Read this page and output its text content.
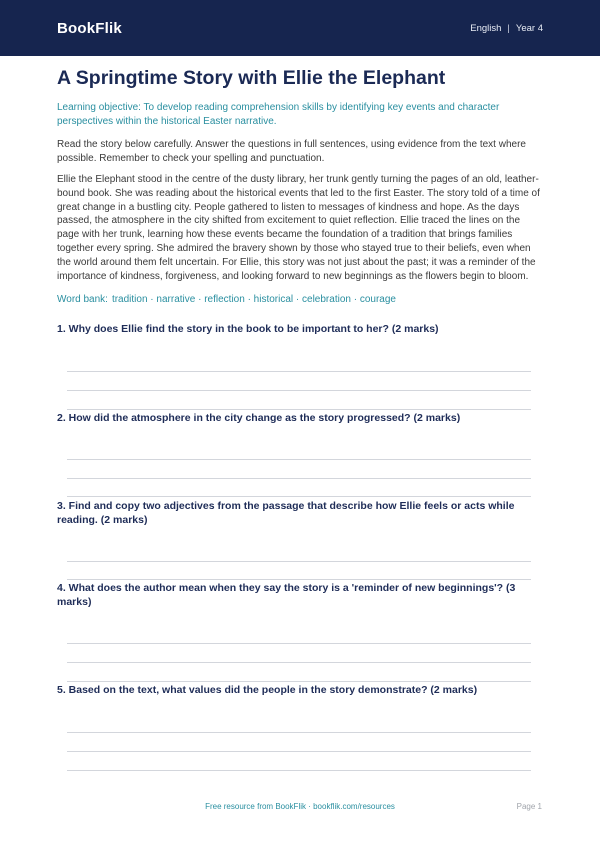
BookFlik	English | Year 4
A Springtime Story with Ellie the Elephant

Learning objective: To develop reading comprehension skills by identifying key events and character perspectives within the historical Easter narrative.

Read the story below carefully. Answer the questions in full sentences, using evidence from the text where possible. Remember to check your spelling and punctuation.

Ellie the Elephant stood in the centre of the dusty library, her trunk gently turning the pages of an old, leather-bound book. She was reading about the historical events that led to the first Easter. The story told of a time of great change in a bustling city. People gathered to listen to messages of kindness and hope. As the days passed, the atmosphere in the city shifted from excitement to quiet reflection. Ellie traced the lines on the page with her trunk, learning how these events became the foundation of a tradition that brings families together every spring. She admired the bravery shown by those who stayed true to their beliefs, even when the world around them felt uncertain. For Ellie, this story was not just about the past; it was a reminder of the importance of kindness, forgiveness, and looking forward to new beginnings as the flowers begin to bloom.

Word bank: tradition · narrative · reflection · historical · celebration · courage

1. Why does Ellie find the story in the book to be important to her? (2 marks)
2. How did the atmosphere in the city change as the story progressed? (2 marks)
3. Find and copy two adjectives from the passage that describe how Ellie feels or acts while reading. (2 marks)
4. What does the author mean when they say the story is a 'reminder of new beginnings'? (3 marks)
5. Based on the text, what values did the people in the story demonstrate? (2 marks)
Free resource from BookFlik · bookflik.com/resources	Page 1
